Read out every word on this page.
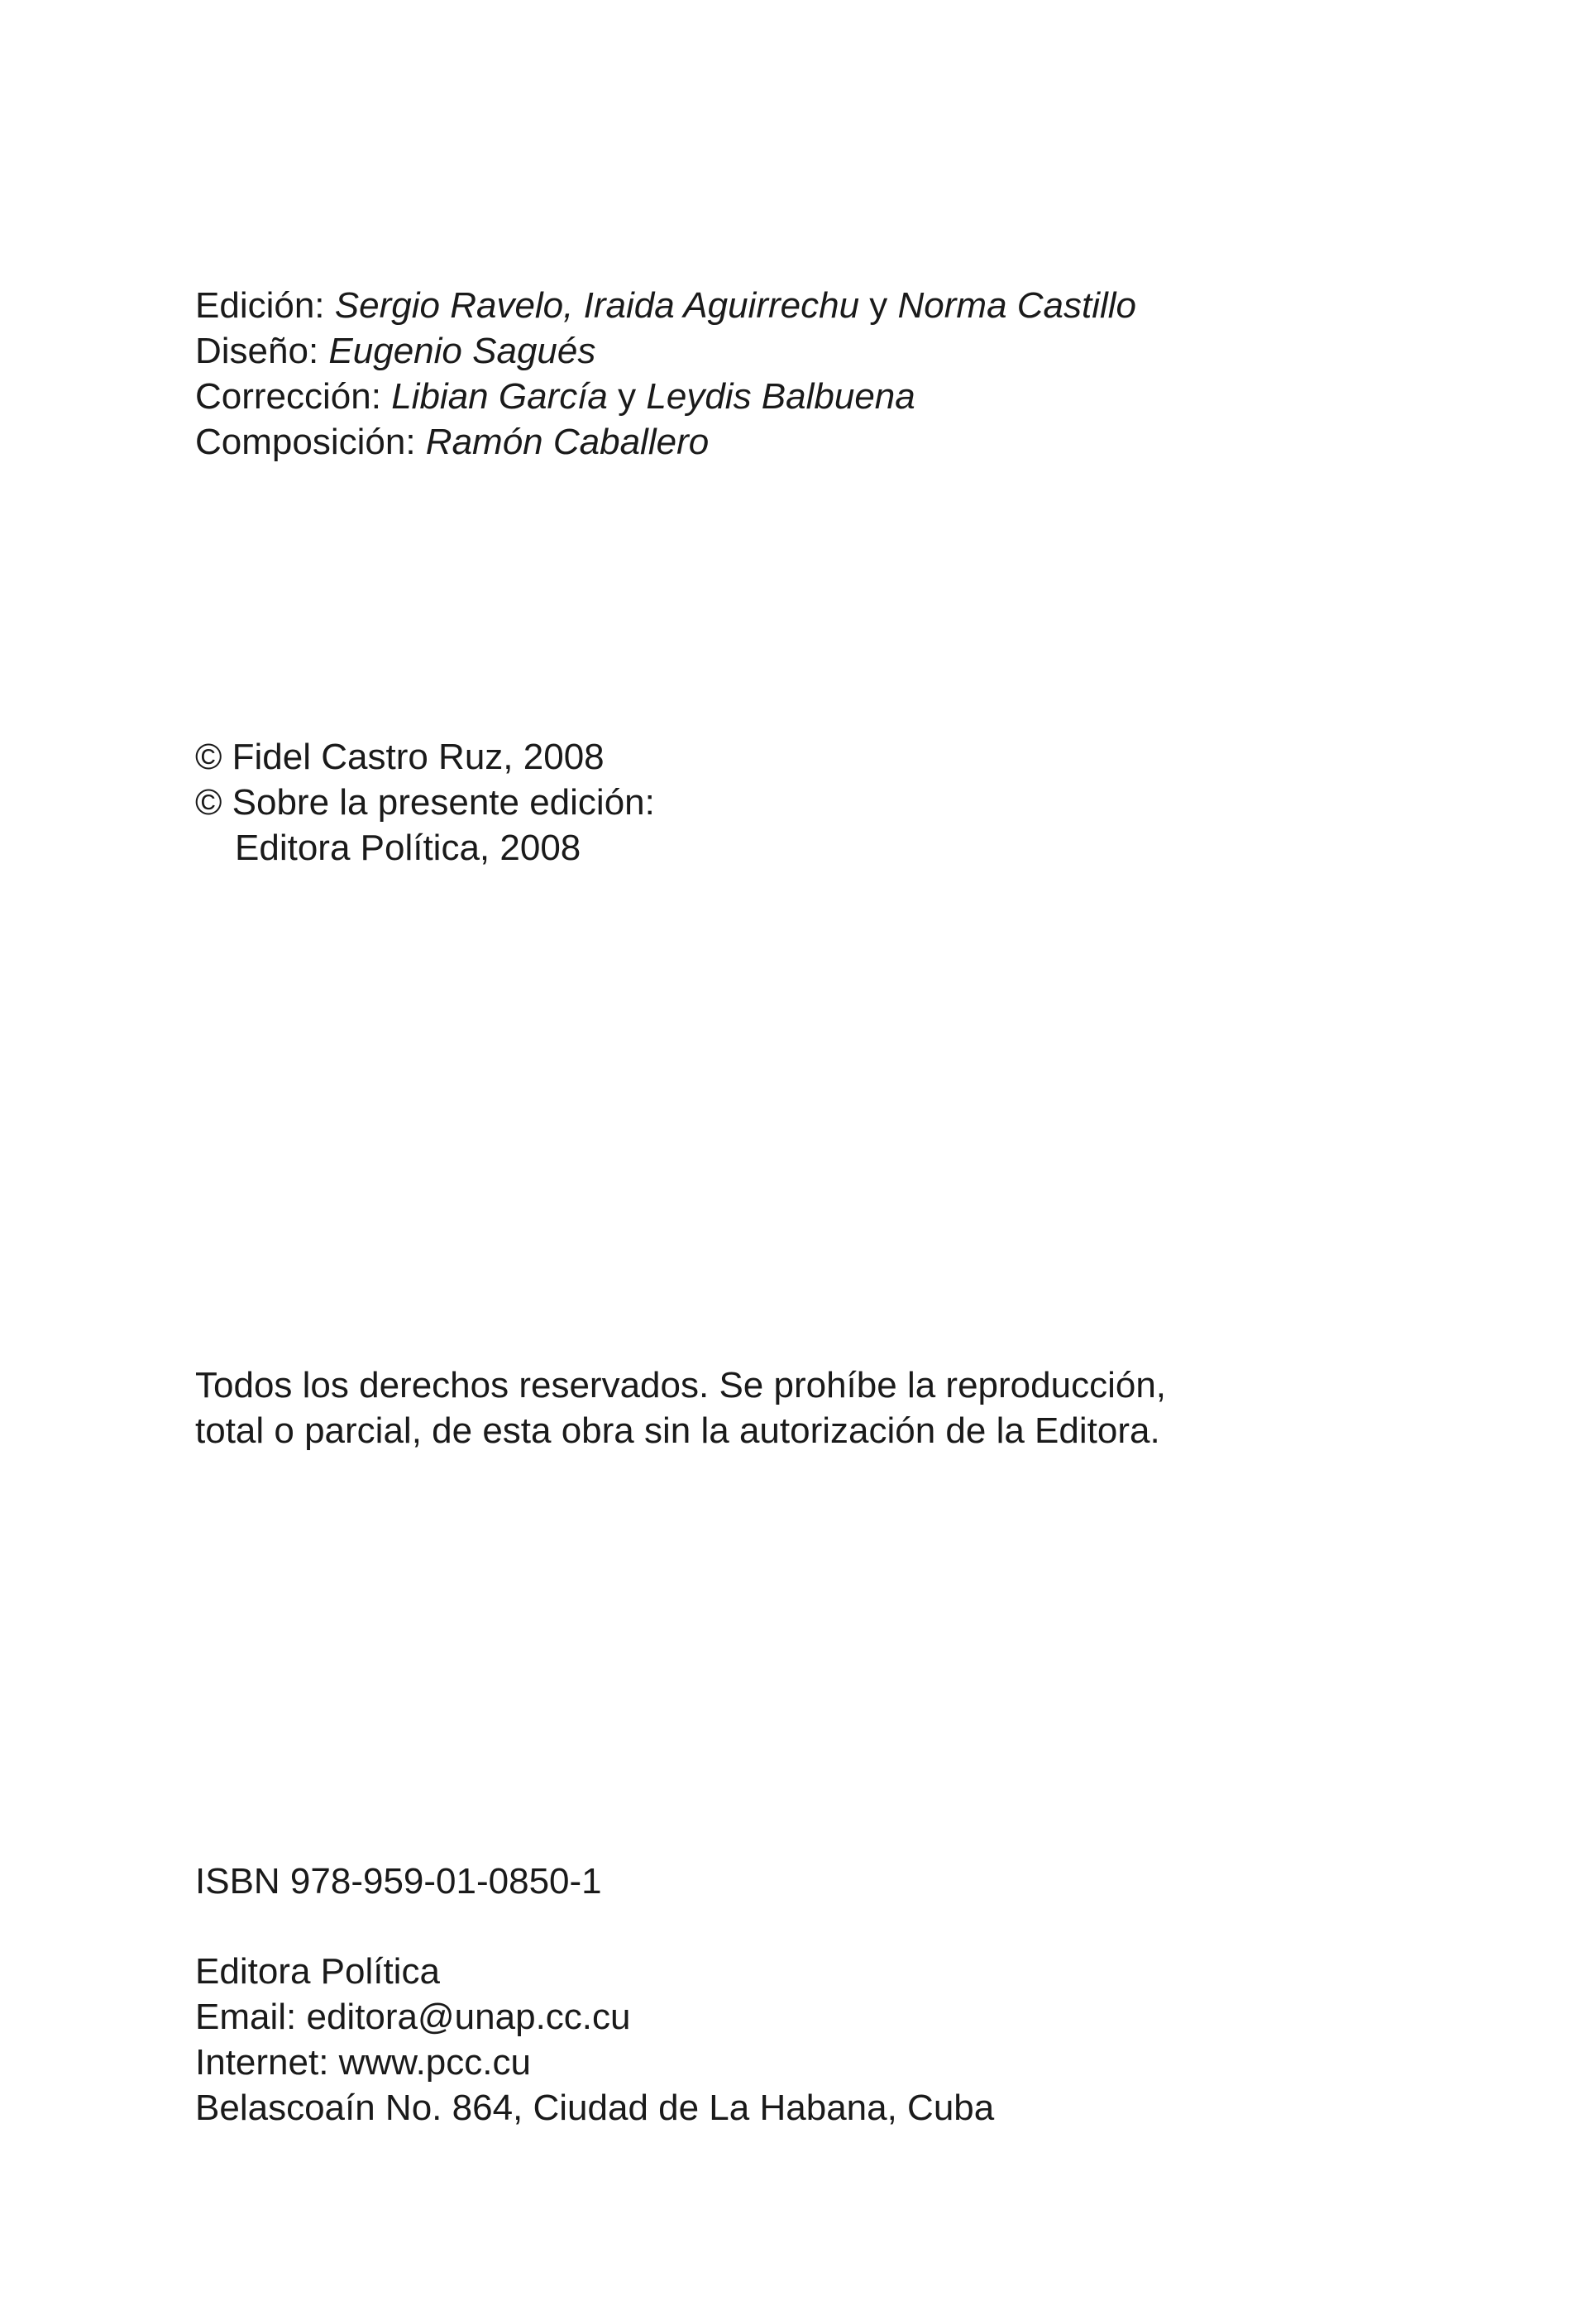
Edición: Sergio Ravelo, Iraida Aguirrechu y Norma Castillo
Diseño: Eugenio Sagués
Corrección: Libian García y Leydis Balbuena
Composición: Ramón Caballero
© Fidel Castro Ruz, 2008
© Sobre la presente edición:
Editora Política, 2008
Todos los derechos reservados. Se prohíbe la reproducción,
total o parcial, de esta obra sin la autorización de la Editora.
ISBN 978-959-01-0850-1
Editora Política
Email: editora@unap.cc.cu
Internet: www.pcc.cu
Belascoaín No. 864, Ciudad de La Habana, Cuba
